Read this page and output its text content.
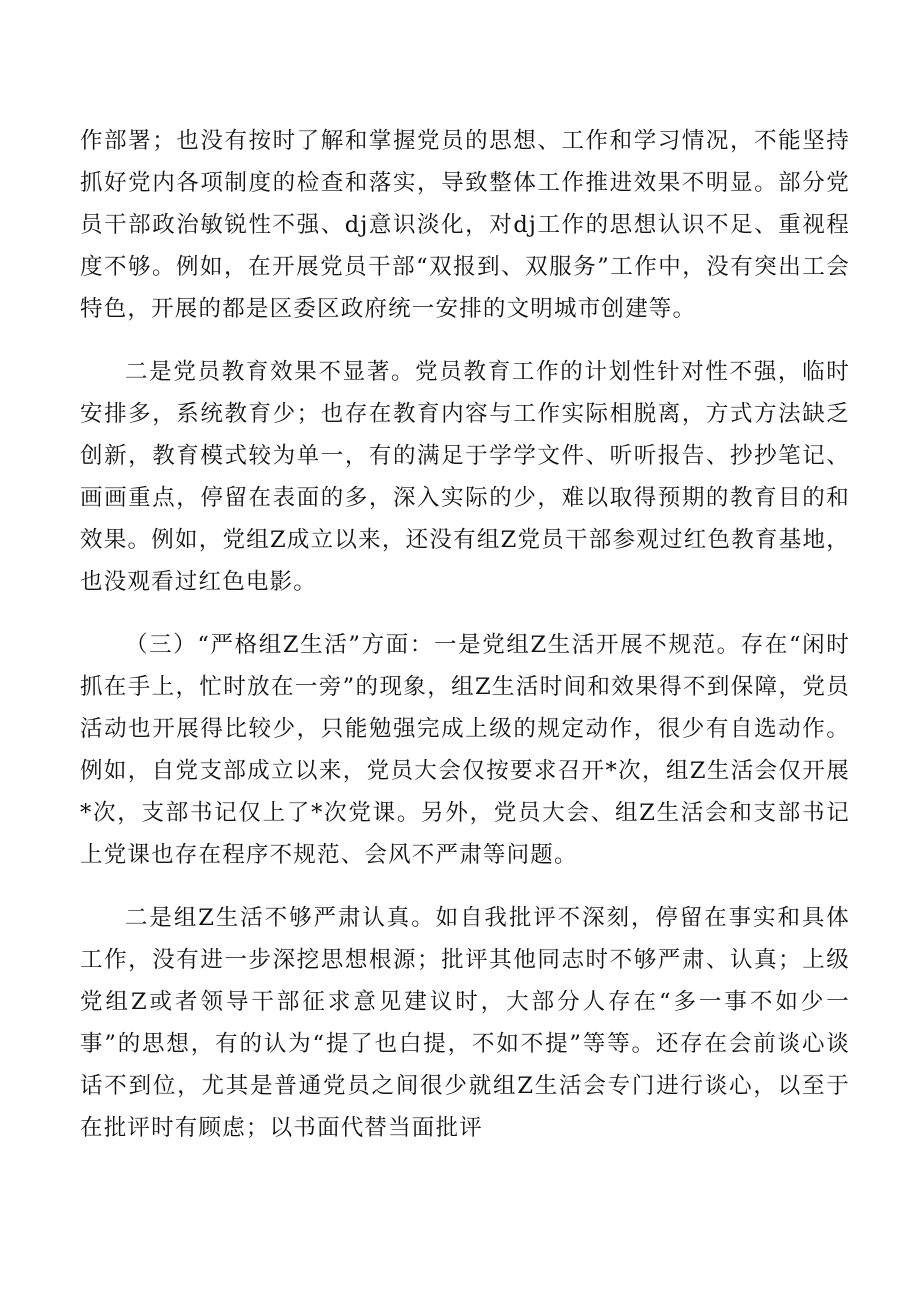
作部署；也没有按时了解和掌握党员的思想、工作和学习情况，不能坚持抓好党内各项制度的检查和落实，导致整体工作推进效果不明显。部分党员干部政治敏锐性不强、dj意识淡化，对dj工作的思想认识不足、重视程度不够。例如，在开展党员干部“双报到、双服务”工作中，没有突出工会特色，开展的都是区委区政府统一安排的文明城市创建等。

二是党员教育效果不显著。党员教育工作的计划性针对性不强，临时安排多，系统教育少；也存在教育内容与工作实际相脱离，方式方法缺乏创新，教育模式较为单一，有的满足于学学文件、听听报告、抄抄笔记、画画重点，停留在表面的多，深入实际的少，难以取得预期的教育目的和效果。例如，党组Z成立以来，还没有组Z党员干部参观过红色教育基地，也没观看过红色电影。

（三）“严格组Z生活”方面：一是党组Z生活开展不规范。存在“闲时抓在手上，忙时放在一旁”的现象，组Z生活时间和效果得不到保障，党员活动也开展得比较少，只能勉强完成上级的规定动作，很少有自选动作。例如，自党支部成立以来，党员大会仅按要求召开*次，组Z生活会仅开展*次，支部书记仅上了*次党课。另外，党员大会、组Z生活会和支部书记上党课也存在程序不规范、会风不严肃等问题。

二是组Z生活不够严肃认真。如自我批评不深刻，停留在事实和具体工作，没有进一步深挖思想根源；批评其他同志时不够严肃、认真；上级党组Z或者领导干部征求意见建议时，大部分人存在“多一事不如少一事”的思想，有的认为“提了也白提，不如不提”等等。还存在会前谈心谈话不到位，尤其是普通党员之间很少就组Z生活会专门进行谈心，以至于在批评时有顾虑；以书面代替当面批评
